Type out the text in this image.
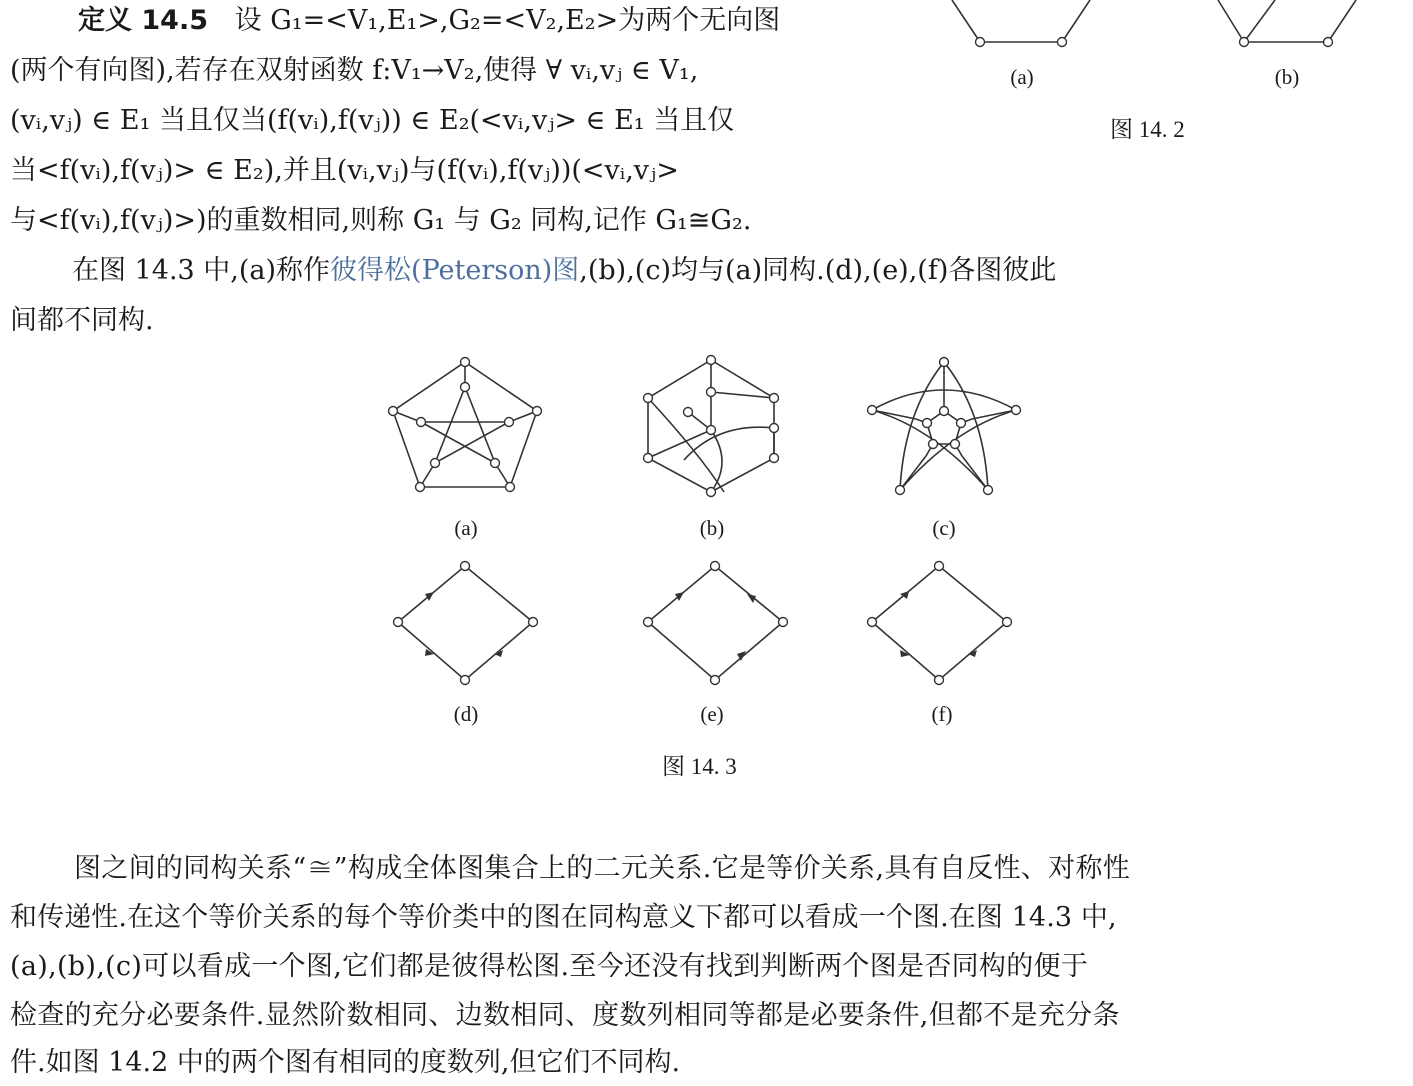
定义 14.5 设 G₁=<V₁,E₁>,G₂=<V₂,E₂>为两个无向图
(两个有向图),若存在双射函数 f:V₁→V₂,使得 ∀ vᵢ,vⱼ ∈ V₁,
(vᵢ,vⱼ) ∈ E₁ 当且仅当(f(vᵢ),f(vⱼ)) ∈ E₂(<vᵢ,vⱼ> ∈ E₁ 当且仅
当<f(vᵢ),f(vⱼ)> ∈ E₂),并且(vᵢ,vⱼ)与(f(vᵢ),f(vⱼ))(<vᵢ,vⱼ>
与<f(vᵢ),f(vⱼ)>)的重数相同,则称 G₁ 与 G₂ 同构,记作 G₁≅G₂.
在图 14.3 中,(a)称作彼得松(Peterson)图,(b),(c)均与(a)同构.(d),(e),(f)各图彼此
间都不同构.
(a)	(b)
图 14. 2
(a)	(b)	(c)
(d)	(e)	(f)
图 14. 3
图之间的同构关系“≅”构成全体图集合上的二元关系.它是等价关系,具有自反性、对称性
和传递性.在这个等价关系的每个等价类中的图在同构意义下都可以看成一个图.在图 14.3 中,
(a),(b),(c)可以看成一个图,它们都是彼得松图.至今还没有找到判断两个图是否同构的便于
检查的充分必要条件.显然阶数相同、边数相同、度数列相同等都是必要条件,但都不是充分条
件.如图 14.2 中的两个图有相同的度数列,但它们不同构.
